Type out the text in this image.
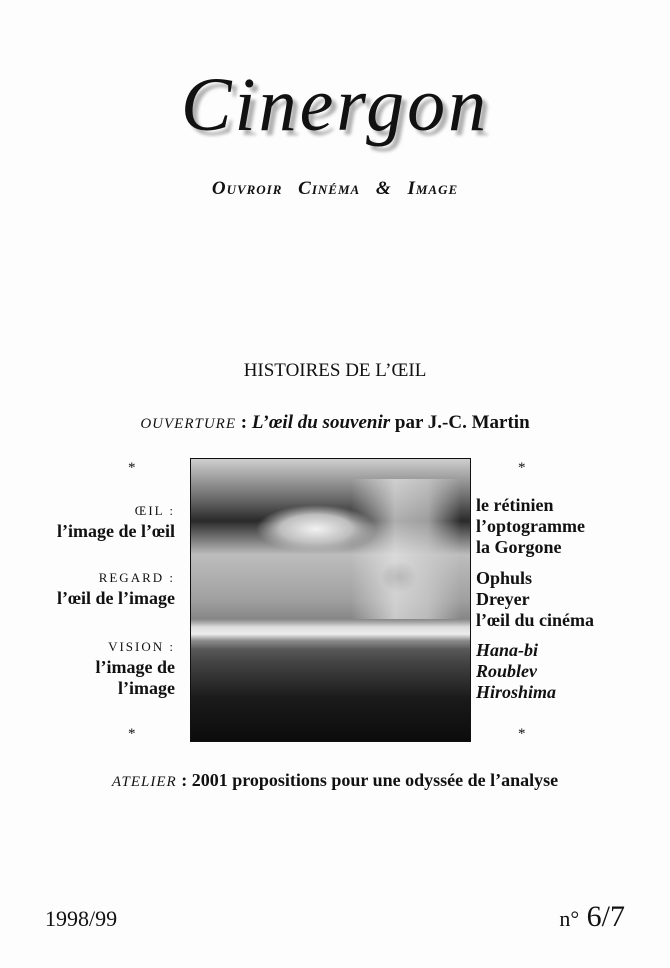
Cinergon
Ouvroir Cinéma & Image
HISTOIRES DE L’ŒIL
OUVERTURE : L’œil du souvenir par J.-C. Martin
*	*
*	*
ŒIL :
l’image de l’œil
REGARD :
l’œil de l’image
VISION :
l’image de
l’image
le rétinien
l’optogramme
la Gorgone
Ophuls
Dreyer
l’œil du cinéma
Hana-bi
Roublev
Hiroshima
ATELIER : 2001 propositions pour une odyssée de l’analyse
1998/99	n° 6/7
